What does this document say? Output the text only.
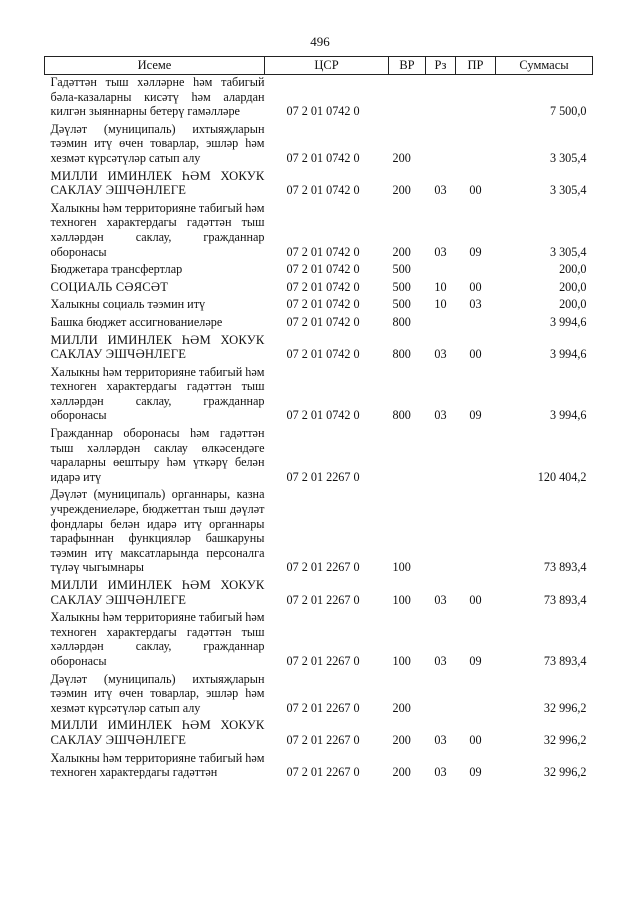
496
Исеме	ЦСР	ВР	Рз	ПР	Суммасы
Гадәттән тыш хәлләрне һәм табигый бәла-казаларны кисәтү һәм алардан килгән зыяннарны бетерү гамәлләре	07 2 01 0742 0				7 500,0
Дәүләт (муниципаль) ихтыяҗларын тәэмин итү өчен товарлар, эшләр һәм хезмәт күрсәтүләр сатып алу	07 2 01 0742 0	200			3 305,4
МИЛЛИ ИМИНЛЕК ҺӘМ ХОКУК САКЛАУ ЭШЧӘНЛЕГЕ	07 2 01 0742 0	200	03	00	3 305,4
Халыкны һәм территорияне табигый һәм техноген характердагы гадәттән тыш хәлләрдән саклау, гражданнар оборонасы	07 2 01 0742 0	200	03	09	3 305,4
Бюджетара трансфертлар	07 2 01 0742 0	500			200,0
СОЦИАЛЬ СӘЯСӘТ	07 2 01 0742 0	500	10	00	200,0
Халыкны социаль тәэмин итү	07 2 01 0742 0	500	10	03	200,0
Башка бюджет ассигнованиеләре	07 2 01 0742 0	800			3 994,6
МИЛЛИ ИМИНЛЕК ҺӘМ ХОКУК САКЛАУ ЭШЧӘНЛЕГЕ	07 2 01 0742 0	800	03	00	3 994,6
Халыкны һәм территорияне табигый һәм техноген характердагы гадәттән тыш хәлләрдән саклау, гражданнар оборонасы	07 2 01 0742 0	800	03	09	3 994,6
Гражданнар оборонасы һәм гадәттән тыш хәлләрдән саклау өлкәсендәге чараларны өештыру һәм үткәрү белән идарә итү	07 2 01 2267 0				120 404,2
Дәүләт (муниципаль) органнары, казна учреждениеләре, бюджеттан тыш дәүләт фондлары белән идарә итү органнары тарафыннан функцияләр башкаруны тәэмин итү максатларында персоналга түләү чыгымнары	07 2 01 2267 0	100			73 893,4
МИЛЛИ ИМИНЛЕК ҺӘМ ХОКУК САКЛАУ ЭШЧӘНЛЕГЕ	07 2 01 2267 0	100	03	00	73 893,4
Халыкны һәм территорияне табигый һәм техноген характердагы гадәттән тыш хәлләрдән саклау, гражданнар оборонасы	07 2 01 2267 0	100	03	09	73 893,4
Дәүләт (муниципаль) ихтыяҗларын тәэмин итү өчен товарлар, эшләр һәм хезмәт күрсәтүләр сатып алу	07 2 01 2267 0	200			32 996,2
МИЛЛИ ИМИНЛЕК ҺӘМ ХОКУК САКЛАУ ЭШЧӘНЛЕГЕ	07 2 01 2267 0	200	03	00	32 996,2
Халыкны һәм территорияне табигый һәм техноген характердагы гадәттән	07 2 01 2267 0	200	03	09	32 996,2
